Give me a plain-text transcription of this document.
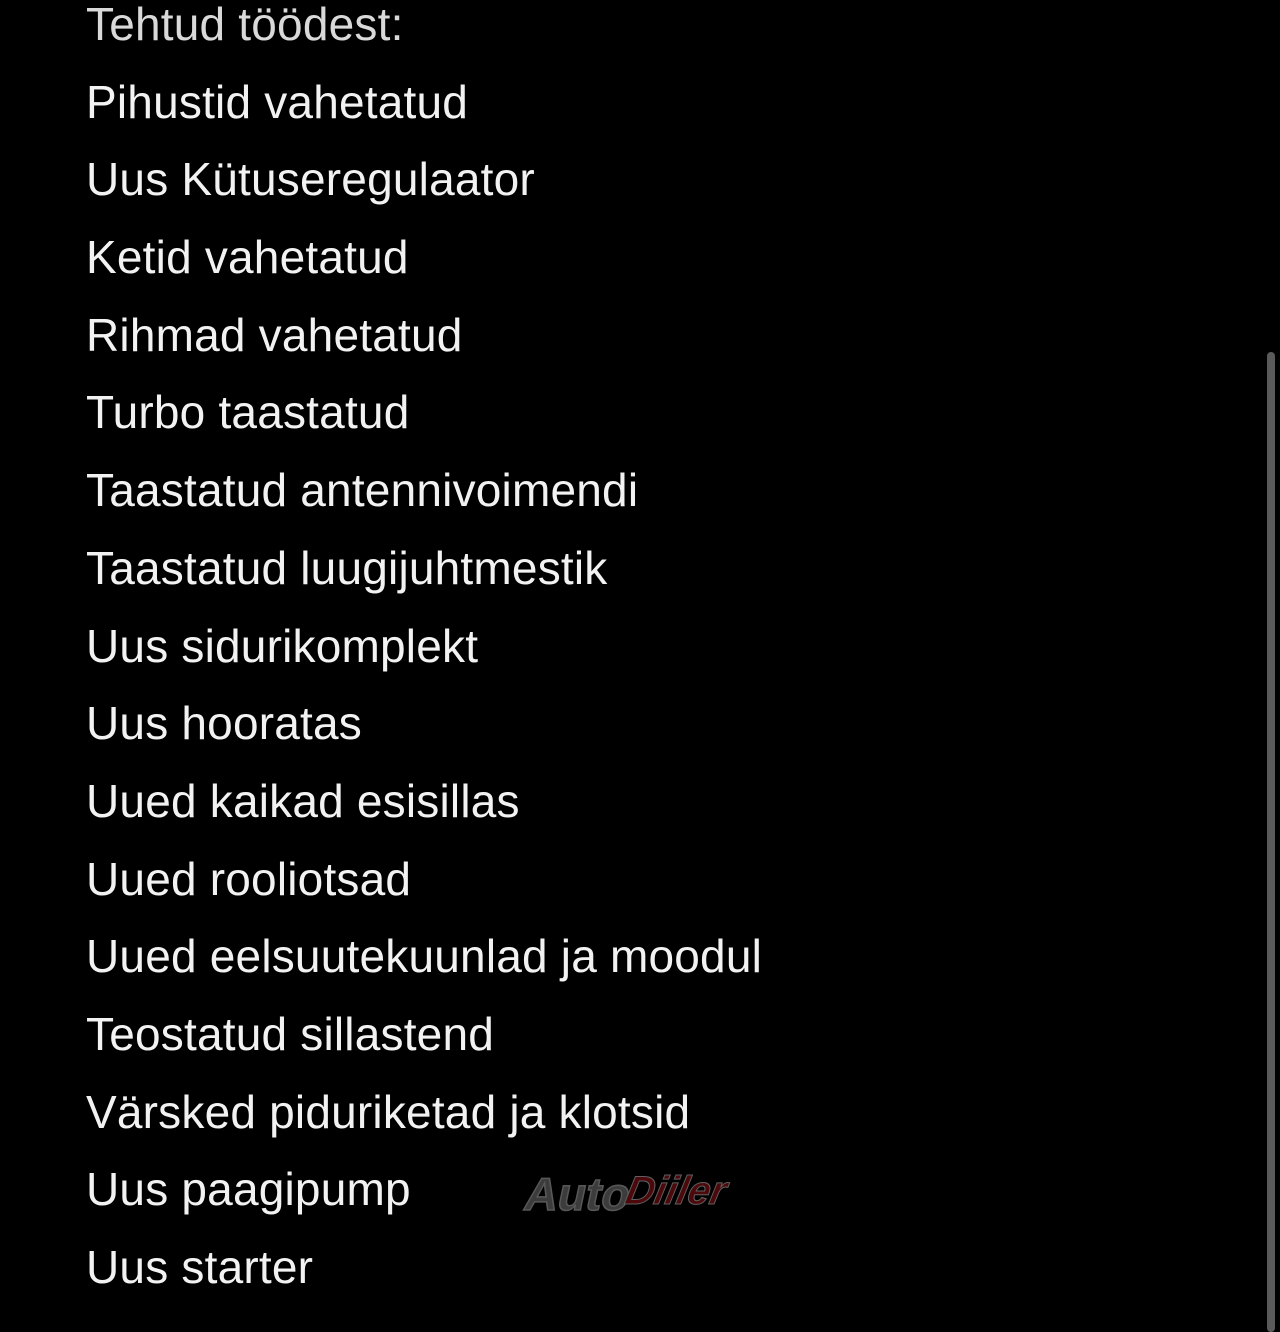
Tehtud töödest:
Pihustid vahetatud
Uus Kütuseregulaator
Ketid vahetatud
Rihmad vahetatud
Turbo taastatud
Taastatud antennivoimendi
Taastatud luugijuhtmestik
Uus sidurikomplekt
Uus hooratas
Uued kaikad esisillas
Uued rooliotsad
Uued eelsuutekuunlad ja moodul
Teostatud sillastend
Värsked piduriketad ja klotsid
Uus paagipump
Uus starter
Auto
Diiler
